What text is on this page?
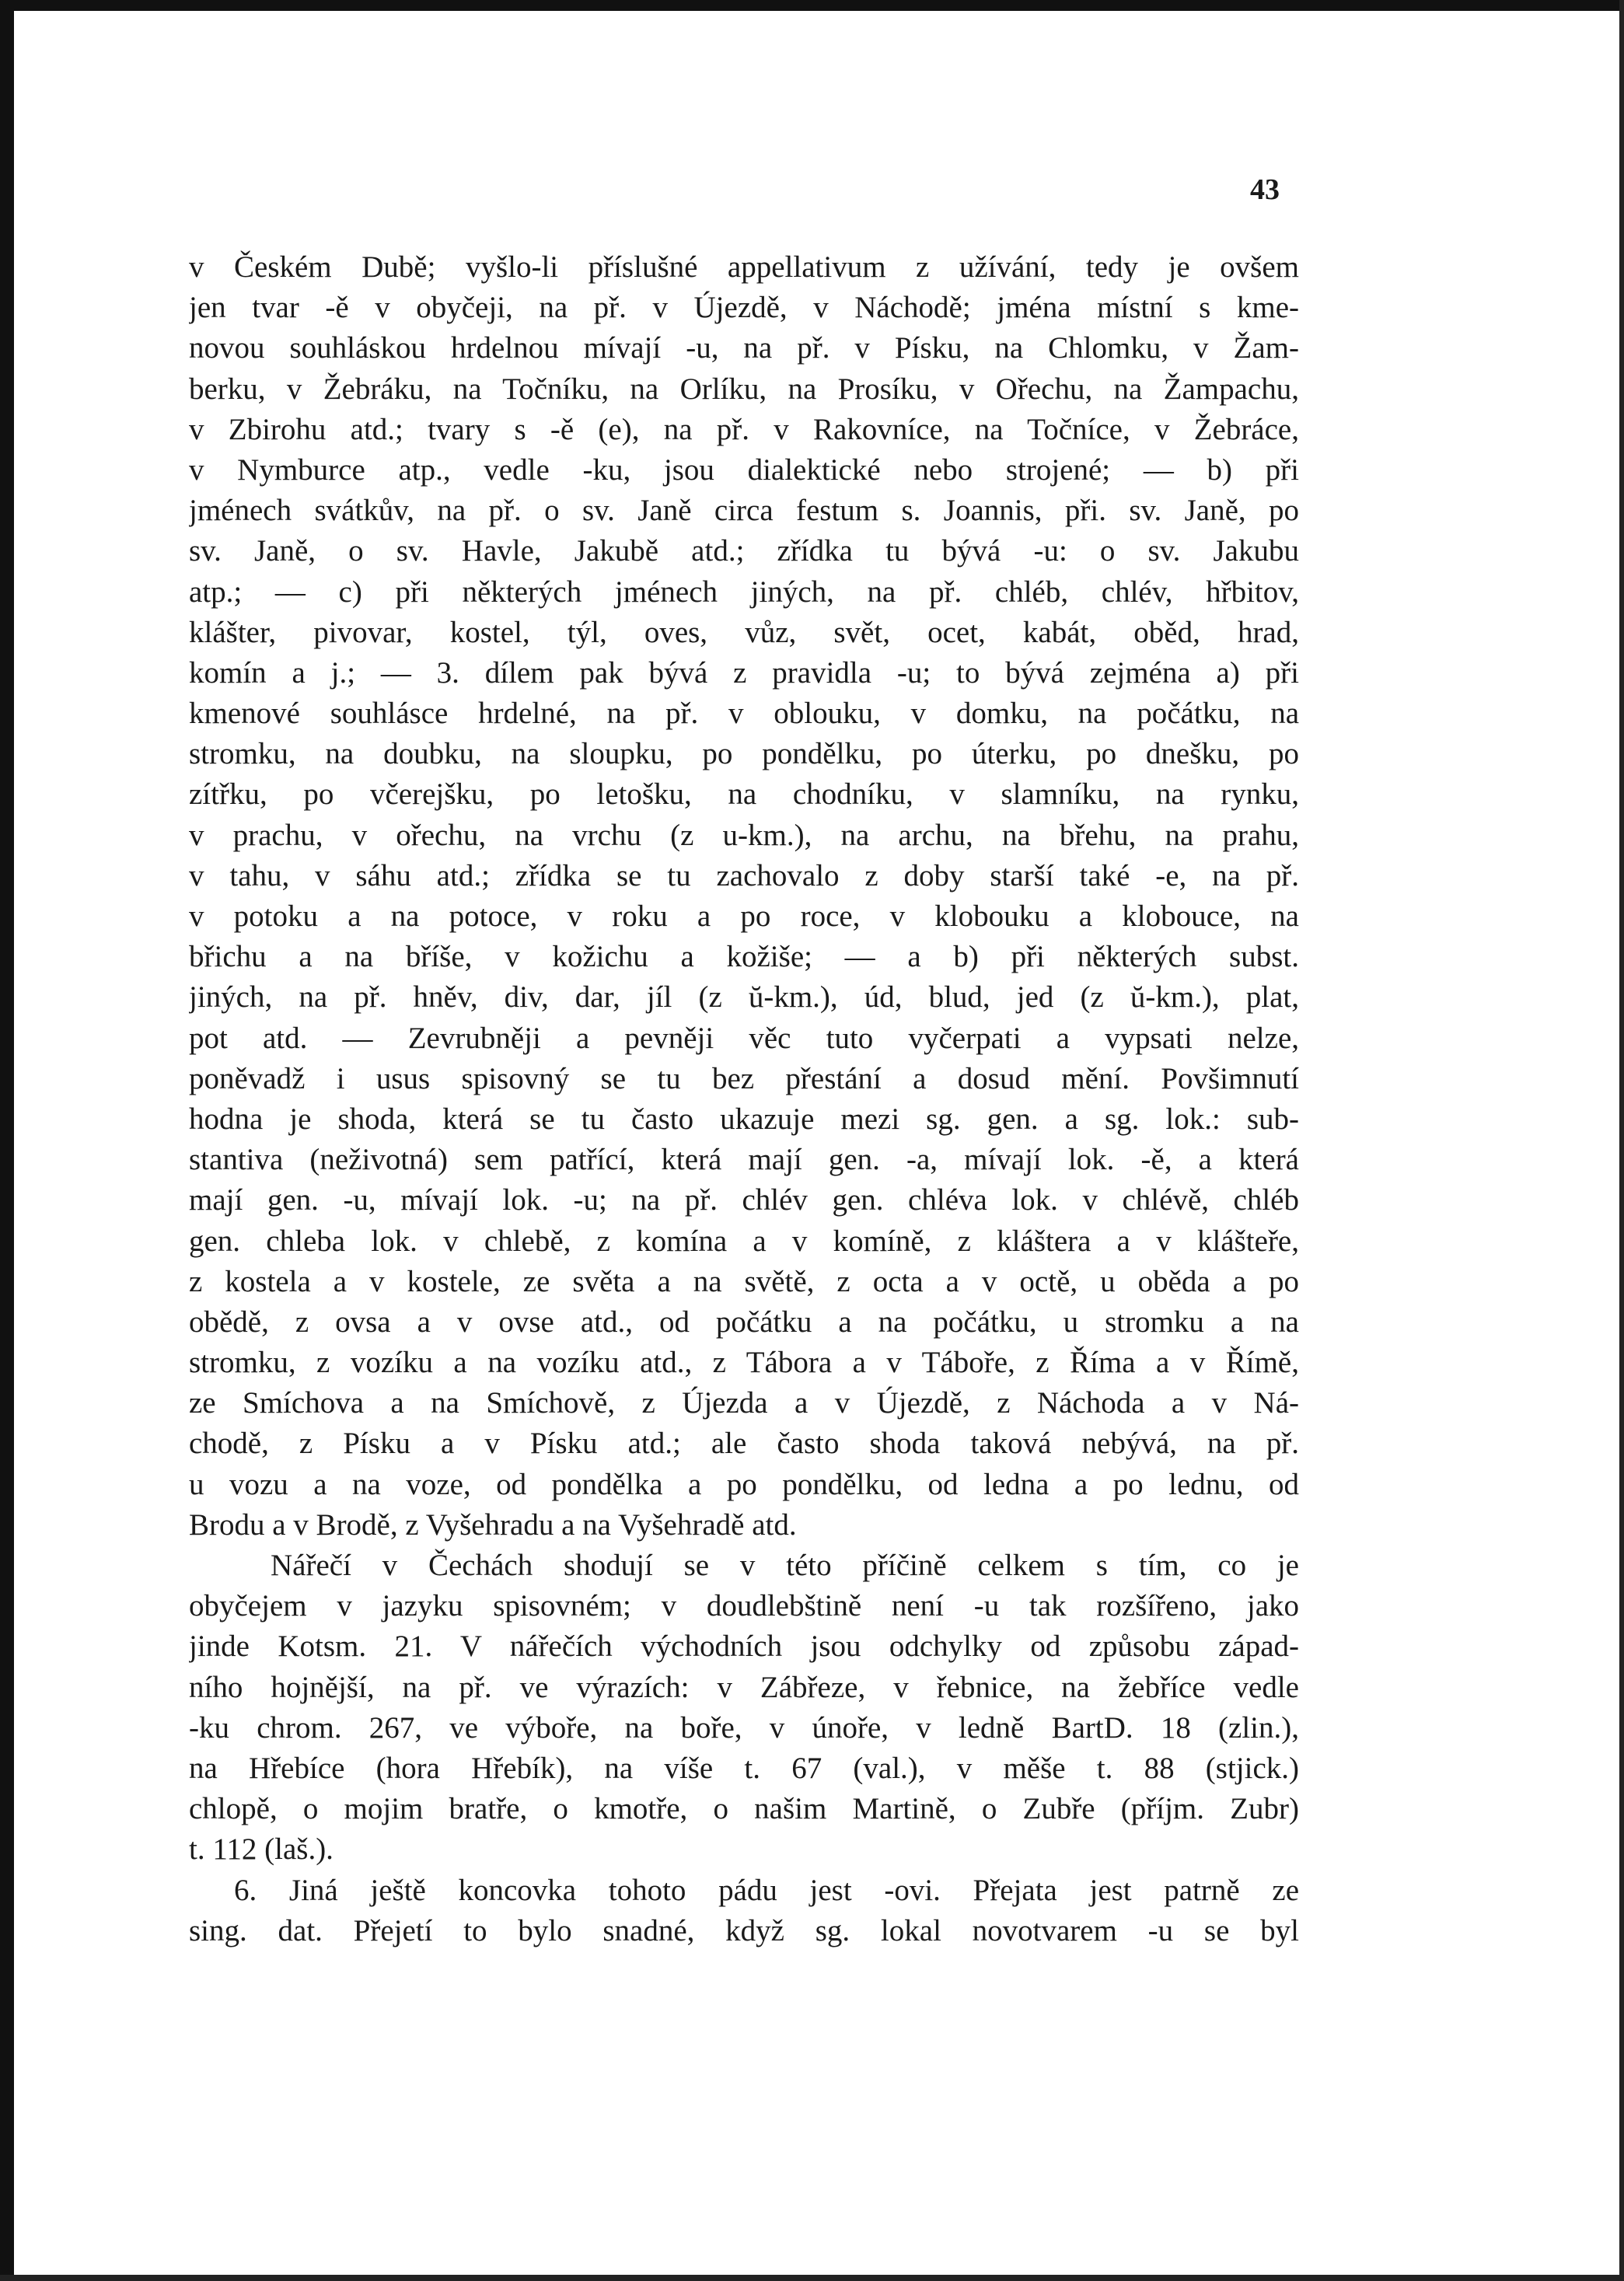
43
v Českém Dubě; vyšlo-li příslušné appellativum z užívání, tedy je ovšem
jen tvar -ě v obyčeji, na př. v Újezdě, v Náchodě; jména místní s kme-
novou souhláskou hrdelnou mívají -u, na př. v Písku, na Chlomku, v Žam-
berku, v Žebráku, na Točníku, na Orlíku, na Prosíku, v Ořechu, na Žampachu,
v Zbirohu atd.; tvary s -ě (e), na př. v Rakovníce, na Točníce, v Žebráce,
v Nymburce atp., vedle -ku, jsou dialektické nebo strojené; — b) při
jménech svátkův, na př. o sv. Janě circa festum s. Joannis, při. sv. Janě, po
sv. Janě, o sv. Havle, Jakubě atd.; zřídka tu bývá -u: o sv. Jakubu
atp.; — c) při některých jménech jiných, na př. chléb, chlév, hřbitov,
klášter, pivovar, kostel, týl, oves, vůz, svět, ocet, kabát, oběd, hrad,
komín a j.; — 3. dílem pak bývá z pravidla -u; to bývá zejména a) při
kmenové souhlásce hrdelné, na př. v oblouku, v domku, na počátku, na
stromku, na doubku, na sloupku, po pondělku, po úterku, po dnešku, po
zítřku, po včerejšku, po letošku, na chodníku, v slamníku, na rynku,
v prachu, v ořechu, na vrchu (z u-km.), na archu, na břehu, na prahu,
v tahu, v sáhu atd.; zřídka se tu zachovalo z doby starší také -e, na př.
v potoku a na potoce, v roku a po roce, v klobouku a klobouce, na
břichu a na bříše, v kožichu a kožiše; — a b) při některých subst.
jiných, na př. hněv, div, dar, jíl (z ŭ-km.), úd, blud, jed (z ŭ-km.), plat,
pot atd. — Zevrubněji a pevněji věc tuto vyčerpati a vypsati nelze,
poněvadž i usus spisovný se tu bez přestání a dosud mění. Povšimnutí
hodna je shoda, která se tu často ukazuje mezi sg. gen. a sg. lok.: sub-
stantiva (neživotná) sem patřící, která mají gen. -a, mívají lok. -ě, a která
mají gen. -u, mívají lok. -u; na př. chlév gen. chléva lok. v chlévě, chléb
gen. chleba lok. v chlebě, z komína a v komíně, z kláštera a v klášteře,
z kostela a v kostele, ze světa a na světě, z octa a v octě, u oběda a po
obědě, z ovsa a v ovse atd., od počátku a na počátku, u stromku a na
stromku, z vozíku a na vozíku atd., z Tábora a v Táboře, z Říma a v Římě,
ze Smíchova a na Smíchově, z Újezda a v Újezdě, z Náchoda a v Ná-
chodě, z Písku a v Písku atd.; ale často shoda taková nebývá, na př.
u vozu a na voze, od pondělka a po pondělku, od ledna a po lednu, od
Brodu a v Brodě, z Vyšehradu a na Vyšehradě atd.
Nářečí v Čechách shodují se v této příčině celkem s tím, co je
obyčejem v jazyku spisovném; v doudlebštině není -u tak rozšířeno, jako
jinde Kotsm. 21. V nářečích východních jsou odchylky od způsobu západ-
ního hojnější, na př. ve výrazích: v Zábřeze, v řebnice, na žebříce vedle
-ku chrom. 267, ve výboře, na boře, v únoře, v ledně BartD. 18 (zlin.),
na Hřebíce (hora Hřebík), na víše t. 67 (val.), v měše t. 88 (stjick.)
chlopě, o mojim bratře, o kmotře, o našim Martině, o Zubře (příjm. Zubr)
t. 112 (laš.).
6. Jiná ještě koncovka tohoto pádu jest -ovi. Přejata jest patrně ze
sing. dat. Přejetí to bylo snadné, když sg. lokal novotvarem -u se byl
